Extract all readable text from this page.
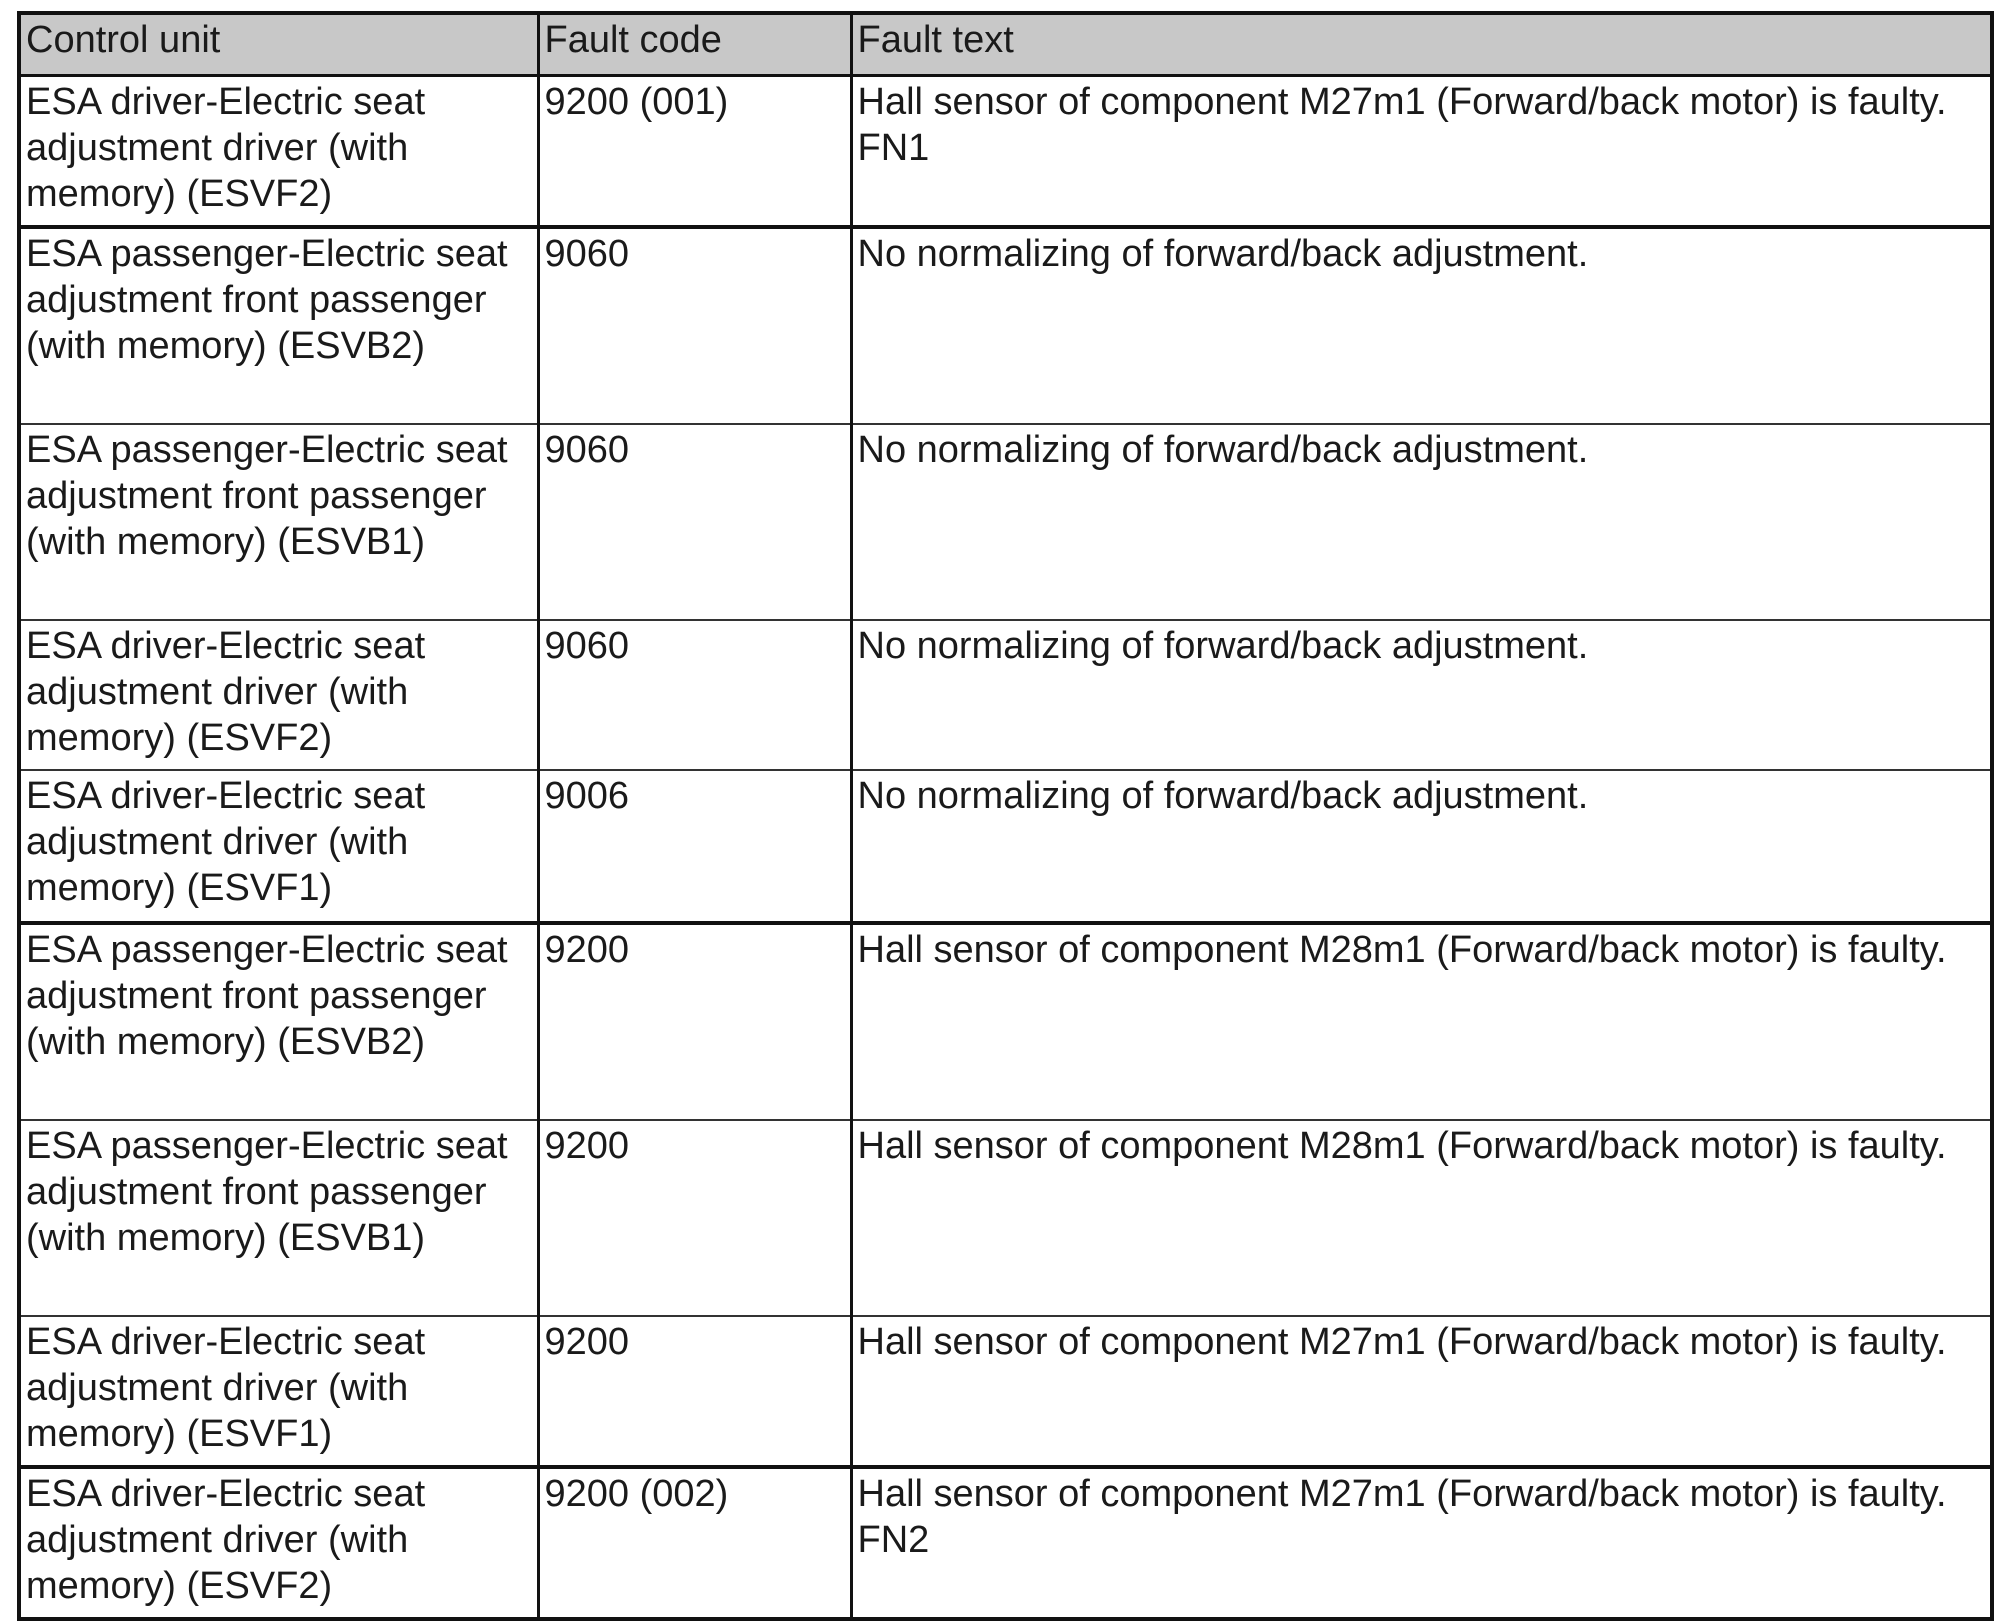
Control unit	Fault code	Fault text
ESA driver-Electric seat adjustment driver (with memory) (ESVF2)	9200 (001)	Hall sensor of component M27m1 (Forward/back motor) is faulty. FN1
ESA passenger-Electric seat adjustment front passenger (with memory) (ESVB2)	9060	No normalizing of forward/back adjustment.
ESA passenger-Electric seat adjustment front passenger (with memory) (ESVB1)	9060	No normalizing of forward/back adjustment.
ESA driver-Electric seat adjustment driver (with memory) (ESVF2)	9060	No normalizing of forward/back adjustment.
ESA driver-Electric seat adjustment driver (with memory) (ESVF1)	9006	No normalizing of forward/back adjustment.
ESA passenger-Electric seat adjustment front passenger (with memory) (ESVB2)	9200	Hall sensor of component M28m1 (Forward/back motor) is faulty.
ESA passenger-Electric seat adjustment front passenger (with memory) (ESVB1)	9200	Hall sensor of component M28m1 (Forward/back motor) is faulty.
ESA driver-Electric seat adjustment driver (with memory) (ESVF1)	9200	Hall sensor of component M27m1 (Forward/back motor) is faulty.
ESA driver-Electric seat adjustment driver (with memory) (ESVF2)	9200 (002)	Hall sensor of component M27m1 (Forward/back motor) is faulty. FN2
